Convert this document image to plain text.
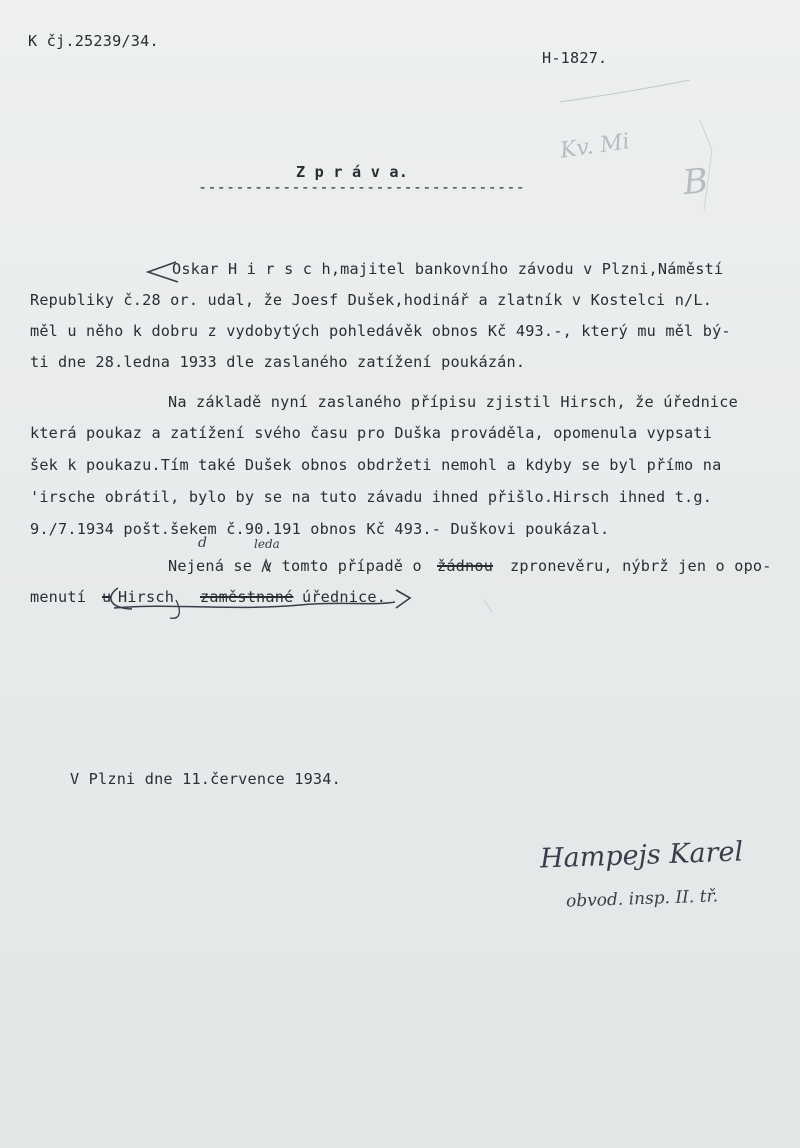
K čj.25239/34.
H-1827.
Z p r á v a.
-----------------------------------
Oskar H i r s c h,majitel bankovního závodu v Plzni,Náměstí
Republiky č.28 or. udal, že Joesf Dušek,hodinář a zlatník v Kostelci n/L.
měl u něho k dobru z vydobytých pohledávěk obnos Kč 493.-, který mu měl bý-
ti dne 28.ledna 1933 dle zaslaného zatížení poukázán.
Na základě nyní zaslaného přípisu zjistil Hirsch, že úřednice
která poukaz a zatížení svého času pro Duška prováděla, opomenula vypsati
šek k poukazu.Tím také Dušek obnos obdržeti nemohl a kdyby se byl přímo na
'irsche obrátil, bylo by se na tuto závadu ihned přišlo.Hirsch ihned t.g.
9./7.1934 pošt.šekem č.90.191 obnos Kč 493.- Duškovi poukázal.
Nejená se v tomto případě o žádnou zpronevěru, nýbrž jen o opo-
menutí u Hirsch zaměstnané úřednice.
d	leda
V Plzni dne 11.července 1934.
Hampejs Karel
obvod. insp. II. tř.
Kv. Mi
B
